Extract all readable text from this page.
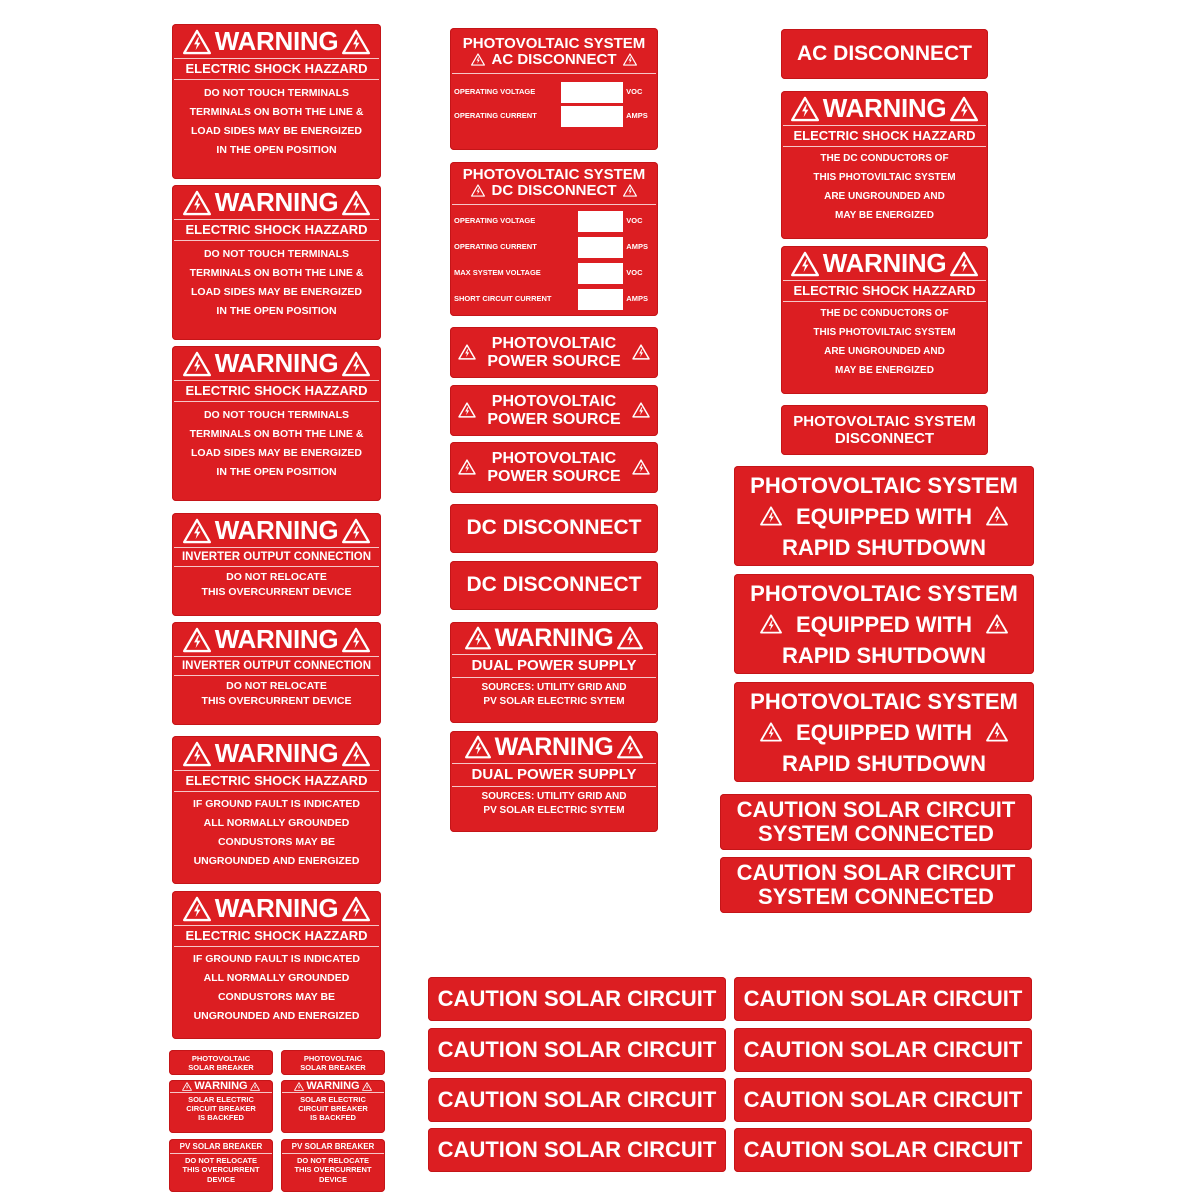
WARNING
ELECTRIC SHOCK HAZZARD
DO NOT TOUCH TERMINALS
TERMINALS ON BOTH THE LINE &
LOAD SIDES MAY BE ENERGIZED
IN THE OPEN POSITION
WARNING
ELECTRIC SHOCK HAZZARD
DO NOT TOUCH TERMINALS
TERMINALS ON BOTH THE LINE &
LOAD SIDES MAY BE ENERGIZED
IN THE OPEN POSITION
WARNING
ELECTRIC SHOCK HAZZARD
DO NOT TOUCH TERMINALS
TERMINALS ON BOTH THE LINE &
LOAD SIDES MAY BE ENERGIZED
IN THE OPEN POSITION
WARNING
INVERTER OUTPUT CONNECTION
DO NOT RELOCATE
THIS OVERCURRENT DEVICE
WARNING
INVERTER OUTPUT CONNECTION
DO NOT RELOCATE
THIS OVERCURRENT DEVICE
WARNING
ELECTRIC SHOCK HAZZARD
IF GROUND FAULT IS INDICATED
ALL NORMALLY GROUNDED
CONDUSTORS MAY BE
UNGROUNDED AND ENERGIZED
WARNING
ELECTRIC SHOCK HAZZARD
IF GROUND FAULT IS INDICATED
ALL NORMALLY GROUNDED
CONDUSTORS MAY BE
UNGROUNDED AND ENERGIZED
PHOTOVOLTAIC
SOLAR BREAKER
PHOTOVOLTAIC
SOLAR BREAKER
WARNING
SOLAR ELECTRIC
CIRCUIT BREAKER
IS BACKFED
WARNING
SOLAR ELECTRIC
CIRCUIT BREAKER
IS BACKFED
PV SOLAR BREAKER
DO NOT RELOCATE
THIS OVERCURRENT
DEVICE
PV SOLAR BREAKER
DO NOT RELOCATE
THIS OVERCURRENT
DEVICE
PHOTOVOLTAIC SYSTEM
AC DISCONNECT
OPERATING VOLTAGE	VOC
OPERATING CURRENT	AMPS
PHOTOVOLTAIC SYSTEM
DC DISCONNECT
OPERATING VOLTAGE	VOC
OPERATING CURRENT	AMPS
MAX SYSTEM VOLTAGE	VOC
SHORT CIRCUIT CURRENT	AMPS
PHOTOVOLTAIC
POWER SOURCE
PHOTOVOLTAIC
POWER SOURCE
PHOTOVOLTAIC
POWER SOURCE
DC DISCONNECT
DC DISCONNECT
WARNING
DUAL POWER SUPPLY
SOURCES: UTILITY GRID AND
PV SOLAR ELECTRIC SYTEM
WARNING
DUAL POWER SUPPLY
SOURCES: UTILITY GRID AND
PV SOLAR ELECTRIC SYTEM
AC DISCONNECT
WARNING
ELECTRIC SHOCK HAZZARD
THE DC CONDUCTORS OF
THIS PHOTOVILTAIC SYSTEM
ARE UNGROUNDED AND
MAY BE ENERGIZED
WARNING
ELECTRIC SHOCK HAZZARD
THE DC CONDUCTORS OF
THIS PHOTOVILTAIC SYSTEM
ARE UNGROUNDED AND
MAY BE ENERGIZED
PHOTOVOLTAIC SYSTEM
DISCONNECT
PHOTOVOLTAIC SYSTEM
EQUIPPED WITH
RAPID SHUTDOWN
PHOTOVOLTAIC SYSTEM
EQUIPPED WITH
RAPID SHUTDOWN
PHOTOVOLTAIC SYSTEM
EQUIPPED WITH
RAPID SHUTDOWN
CAUTION SOLAR CIRCUIT
SYSTEM CONNECTED
CAUTION SOLAR CIRCUIT
SYSTEM CONNECTED
CAUTION SOLAR CIRCUIT CAUTION SOLAR CIRCUIT
CAUTION SOLAR CIRCUIT CAUTION SOLAR CIRCUIT
CAUTION SOLAR CIRCUIT CAUTION SOLAR CIRCUIT
CAUTION SOLAR CIRCUIT CAUTION SOLAR CIRCUIT
